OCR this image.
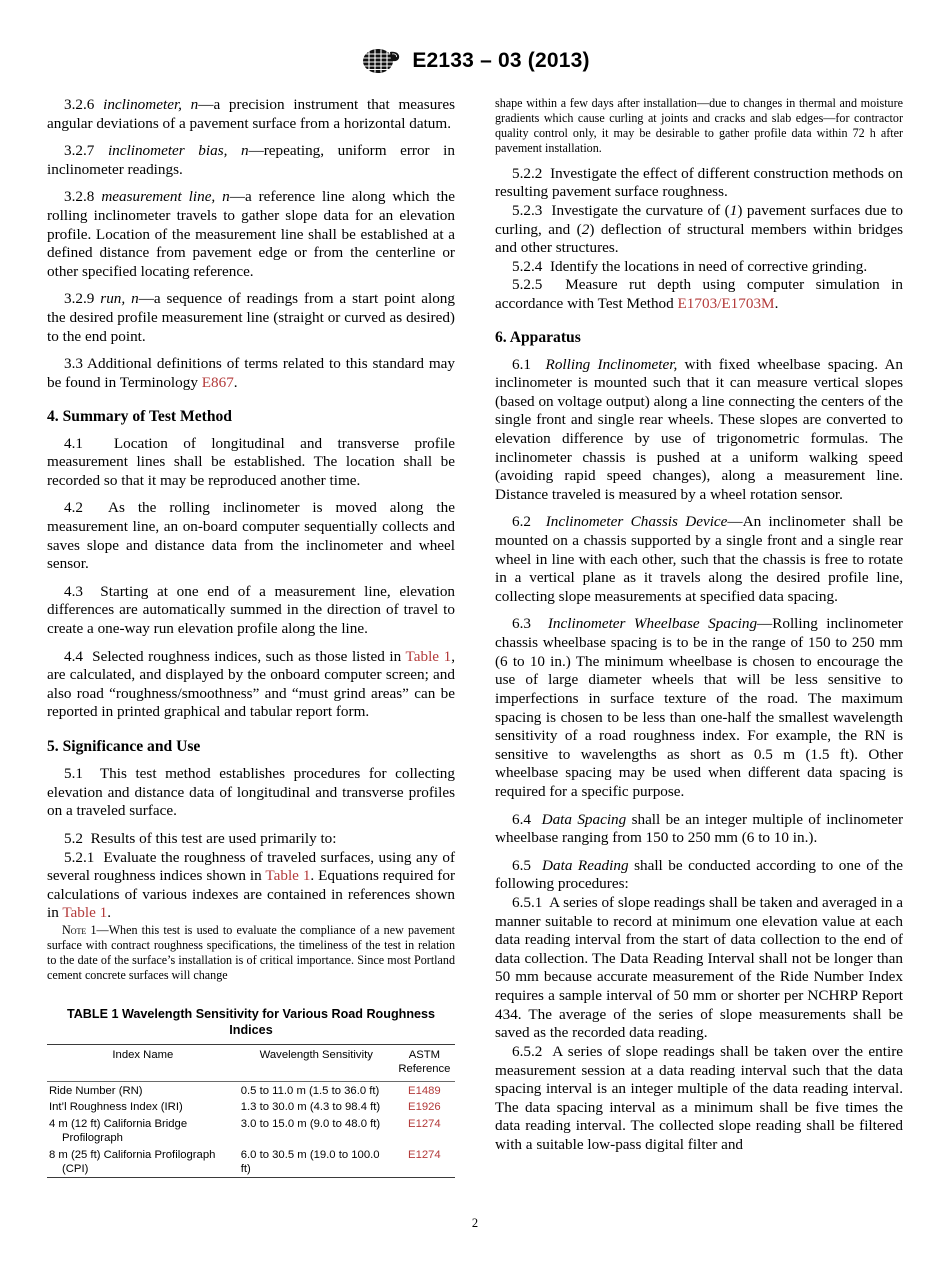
E2133 – 03 (2013)

3.2.6 inclinometer, n—a precision instrument that measures angular deviations of a pavement surface from a horizontal datum.

3.2.7 inclinometer bias, n—repeating, uniform error in inclinometer readings.

3.2.8 measurement line, n—a reference line along which the rolling inclinometer travels to gather slope data for an elevation profile. Location of the measurement line shall be established at a defined distance from pavement edge or from the centerline or other specified locating reference.

3.2.9 run, n—a sequence of readings from a start point along the desired profile measurement line (straight or curved as desired) to the end point.

3.3 Additional definitions of terms related to this standard may be found in Terminology E867.

4. Summary of Test Method

4.1 Location of longitudinal and transverse profile measurement lines shall be established. The location shall be recorded so that it may be reproduced another time.

4.2 As the rolling inclinometer is moved along the measurement line, an on-board computer sequentially collects and saves slope and distance data from the inclinometer and wheel sensor.

4.3 Starting at one end of a measurement line, elevation differences are automatically summed in the direction of travel to create a one-way run elevation profile along the line.

4.4 Selected roughness indices, such as those listed in Table 1, are calculated, and displayed by the onboard computer screen; and also road “roughness/smoothness” and “must grind areas” can be reported in printed graphical and tabular report form.

5. Significance and Use

5.1 This test method establishes procedures for collecting elevation and distance data of longitudinal and transverse profiles on a traveled surface.

5.2 Results of this test are used primarily to:

5.2.1 Evaluate the roughness of traveled surfaces, using any of several roughness indices shown in Table 1. Equations required for calculations of various indexes are contained in references shown in Table 1.

Note 1—When this test is used to evaluate the compliance of a new pavement surface with contract roughness specifications, the timeliness of the test in relation to the date of the surface’s installation is of critical importance. Since most Portland cement concrete surfaces will change

TABLE 1 Wavelength Sensitivity for Various Road Roughness Indices
Index Name	Wavelength Sensitivity	ASTM
Reference
Ride Number (RN)	0.5 to 11.0 m (1.5 to 36.0 ft)	E1489
Int’l Roughness Index (IRI)	1.3 to 30.0 m (4.3 to 98.4 ft)	E1926

4 m (12 ft) California Bridge Profilograph	3.0 to 15.0 m (9.0 to 48.0 ft)	E1274

8 m (25 ft) California Profilograph (CPI)	6.0 to 30.5 m (19.0 to 100.0 ft)	E1274

shape within a few days after installation—due to changes in thermal and moisture gradients which cause curling at joints and cracks and slab edges—for contractor quality control only, it may be desirable to gather profile data within 72 h after pavement installation.

5.2.2 Investigate the effect of different construction methods on resulting pavement surface roughness.

5.2.3 Investigate the curvature of (1) pavement surfaces due to curling, and (2) deflection of structural members within bridges and other structures.

5.2.4 Identify the locations in need of corrective grinding.

5.2.5 Measure rut depth using computer simulation in accordance with Test Method E1703/E1703M.

6. Apparatus

6.1 Rolling Inclinometer, with fixed wheelbase spacing. An inclinometer is mounted such that it can measure vertical slopes (based on voltage output) along a line connecting the centers of the single front and single rear wheels. These slopes are converted to elevation difference by use of trigonometric formulas. The inclinometer chassis is pushed at a uniform walking speed (avoiding rapid speed changes), along a measurement line. Distance traveled is measured by a wheel rotation sensor.

6.2 Inclinometer Chassis Device—An inclinometer shall be mounted on a chassis supported by a single front and a single rear wheel in line with each other, such that the chassis is free to rotate in a vertical plane as it travels along the desired profile line, collecting slope measurements at specified data spacing.

6.3 Inclinometer Wheelbase Spacing—Rolling inclinometer chassis wheelbase spacing is to be in the range of 150 to 250 mm (6 to 10 in.) The minimum wheelbase is chosen to encourage the use of large diameter wheels that will be less sensitive to imperfections in surface texture of the road. The maximum spacing is chosen to be less than one-half the smallest wavelength sensitivity of a road roughness index. For example, the RN is sensitive to wavelengths as short as 0.5 m (1.5 ft). Other wheelbase spacing may be used when different data spacing is required for a specific purpose.

6.4 Data Spacing shall be an integer multiple of inclinometer wheelbase ranging from 150 to 250 mm (6 to 10 in.).

6.5 Data Reading shall be conducted according to one of the following procedures:

6.5.1 A series of slope readings shall be taken and averaged in a manner suitable to record at minimum one elevation value at each data reading interval from the start of data collection to the end of data collection. The Data Reading Interval shall not be longer than 50 mm because accurate measurement of the Ride Number Index requires a sample interval of 50 mm or shorter per NCHRP Report 434. The average of the series of slope measurements shall be saved as the recorded data reading.

6.5.2 A series of slope readings shall be taken over the entire measurement session at a data reading interval such that the data spacing interval is an integer multiple of the data reading interval. The data spacing interval as a minimum shall be five times the data reading interval. The collected slope reading shall be filtered with a suitable low-pass digital filter and

2
